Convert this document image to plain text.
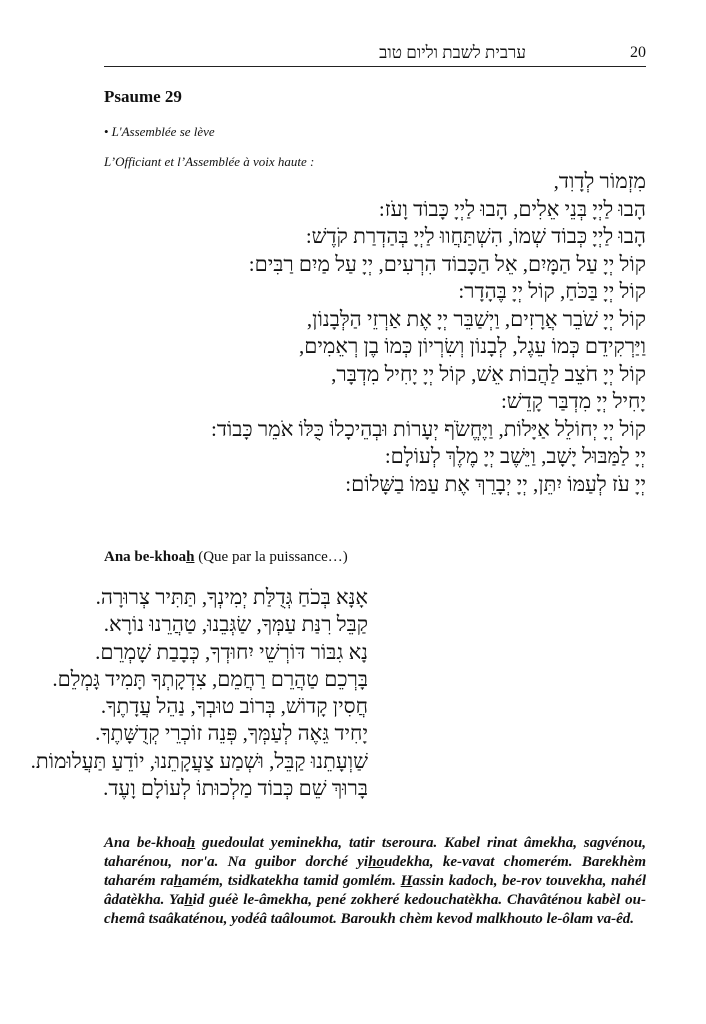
ערבית לשבת וליום טוב	20
Psaume 29
• L'Assemblée se lève
L’Officiant et l’Assemblée à voix haute :
מִזְמוֹר לְדָוִד,
הָבוּ לַיְיָ בְּנֵי אֵלִים, הָבוּ לַיְיָ כָּבוֹד וָעֹז:
הָבוּ לַיְיָ כְּבוֹד שְׁמוֹ, הִשְׁתַּחֲווּ לַיְיָ בְּהַדְרַת קֹדֶשׁ:
קוֹל יְיָ עַל הַמָּיִם, אֵל הַכָּבוֹד הִרְעִים, יְיָ עַל מַיִם רַבִּים:
קוֹל יְיָ בַּכֹּחַ, קוֹל יְיָ בֶּהָדָר:
קוֹל יְיָ שֹׁבֵר אֲרָזִים, וַיְשַׁבֵּר יְיָ אֶת אַרְזֵי הַלְּבָנוֹן,
וַיַּרְקִידֵם כְּמוֹ עֵגֶל, לְבָנוֹן וְשִׂרְיוֹן כְּמוֹ בֶן רְאֵמִים,
קוֹל יְיָ חֹצֵב לַהֲבוֹת אֵשׁ, קוֹל יְיָ יָחִיל מִדְבָּר,
יָחִיל יְיָ מִדְבַּר קָדֵשׁ:
קוֹל יְיָ יְחוֹלֵל אַיָּלוֹת, וַיֶּחֱשֹׂף יְעָרוֹת וּבְהֵיכָלוֹ כֻּלּוֹ אֹמֵר כָּבוֹד:
יְיָ לַמַּבּוּל יָשָׁב, וַיֵּשֶׁב יְיָ מֶלֶךְ לְעוֹלָם:
יְיָ עֹז לְעַמּוֹ יִתֵּן, יְיָ יְבָרֵךְ אֶת עַמּוֹ בַשָּׁלוֹם:
Ana be-khoah (Que par la puissance…)
אָנָּא בְּכֹחַ גְּדֻלַּת יְמִינְךָ, תַּתִּיר צְרוּרָה.
קַבֵּל רִנַּת עַמְּךָ, שַׂגְּבֵנוּ, טַהֲרֵנוּ נוֹרָא.
נָא גִבּוֹר דּוֹרְשֵׁי יִחוּדְךָ, כְּבָבַת שָׁמְרֵם.
בָּרְכֵם טַהֲרֵם רַחֲמֵם, צִדְקָתְךָ תָּמִיד גָּמְלֵם.
חֲסִין קָדוֹשׁ, בְּרוֹב טוּבְךָ, נַהֵל עֲדָתֶךָ.
יָחִיד גֵּאֶה לְעַמְּךָ, פְּנֵה זוֹכְרֵי קְדֻשָּׁתֶךָ.
שַׁוְעָתֵנוּ קַבֵּל, וּשְׁמַע צַעֲקָתֵנוּ, יוֹדֵעַ תַּעֲלוּמוֹת.
בָּרוּךְ שֵׁם כְּבוֹד מַלְכוּתוֹ לְעוֹלָם וָעֶד.
Ana be-khoah guedoulat yeminekha, tatir tseroura. Kabel rinat âmekha, sagvénou, taharénou, nor'a. Na guibor dorché yihoudekha, ke-vavat chomerém. Barekhèm taharém rahamém, tsidkatekha tamid gomlém. Hassin kadoch, be-rov touvekha, nahél âdatèkha. Yahid guéè le-âmekha, pené zokheré kedouchatèkha. Chavâténou kabèl ou-chemâ tsaâkaténou, yodéâ taâloumot. Baroukh chèm kevod malkhouto le-ôlam va-êd.
